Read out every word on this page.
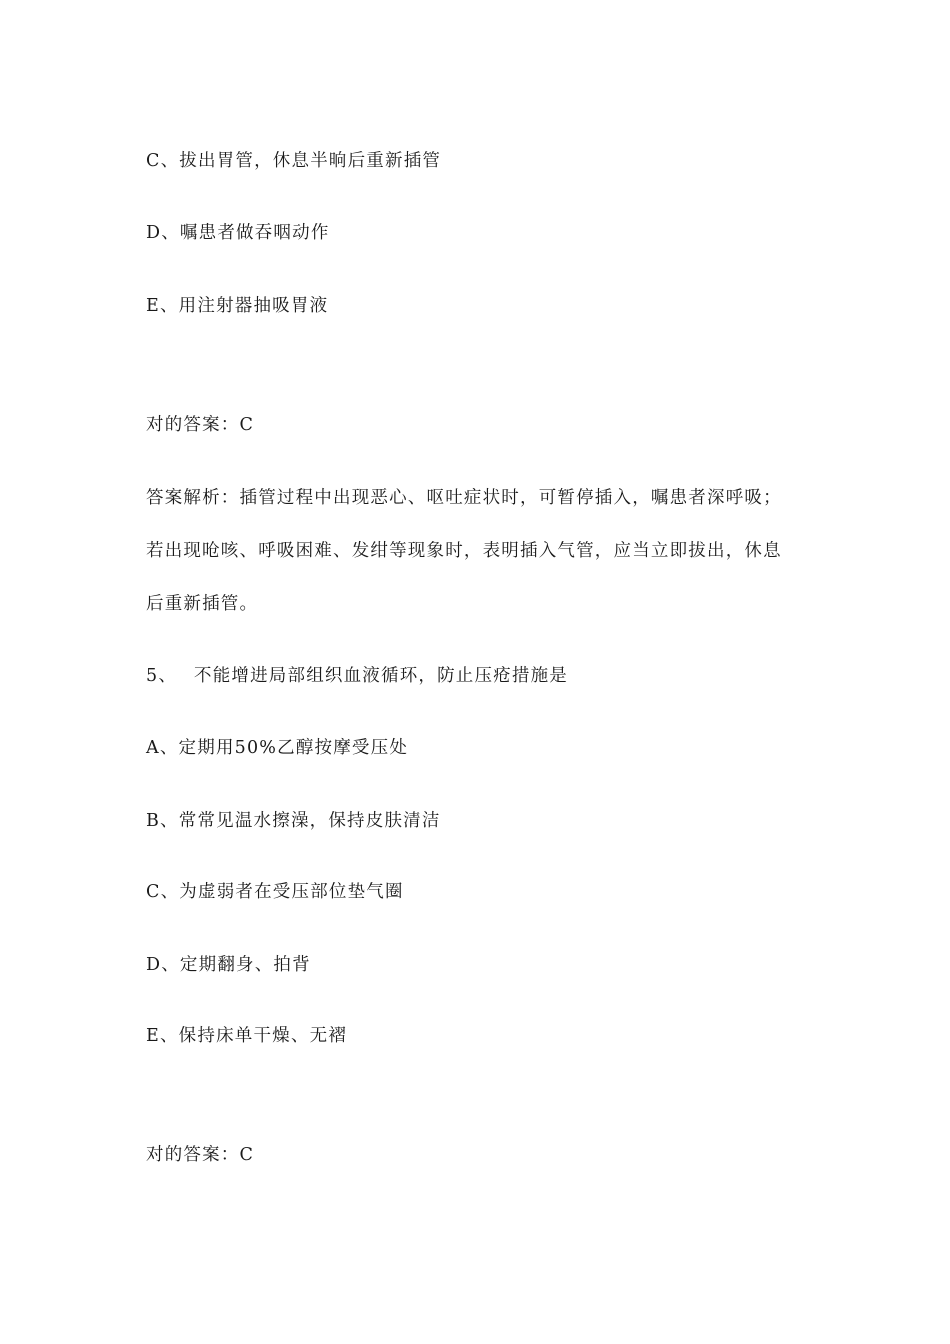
C、拔出胃管，休息半晌后重新插管
D、嘱患者做吞咽动作
E、用注射器抽吸胃液
对的答案：C
答案解析：插管过程中出现恶心、呕吐症状时，可暂停插入，嘱患者深呼吸；
若出现呛咳、呼吸困难、发绀等现象时，表明插入气管，应当立即拔出，休息
后重新插管。
5、 不能增进局部组织血液循环，防止压疮措施是
A、定期用50%乙醇按摩受压处
B、常常见温水擦澡，保持皮肤清洁
C、为虚弱者在受压部位垫气圈
D、定期翻身、拍背
E、保持床单干燥、无褶
对的答案：C
